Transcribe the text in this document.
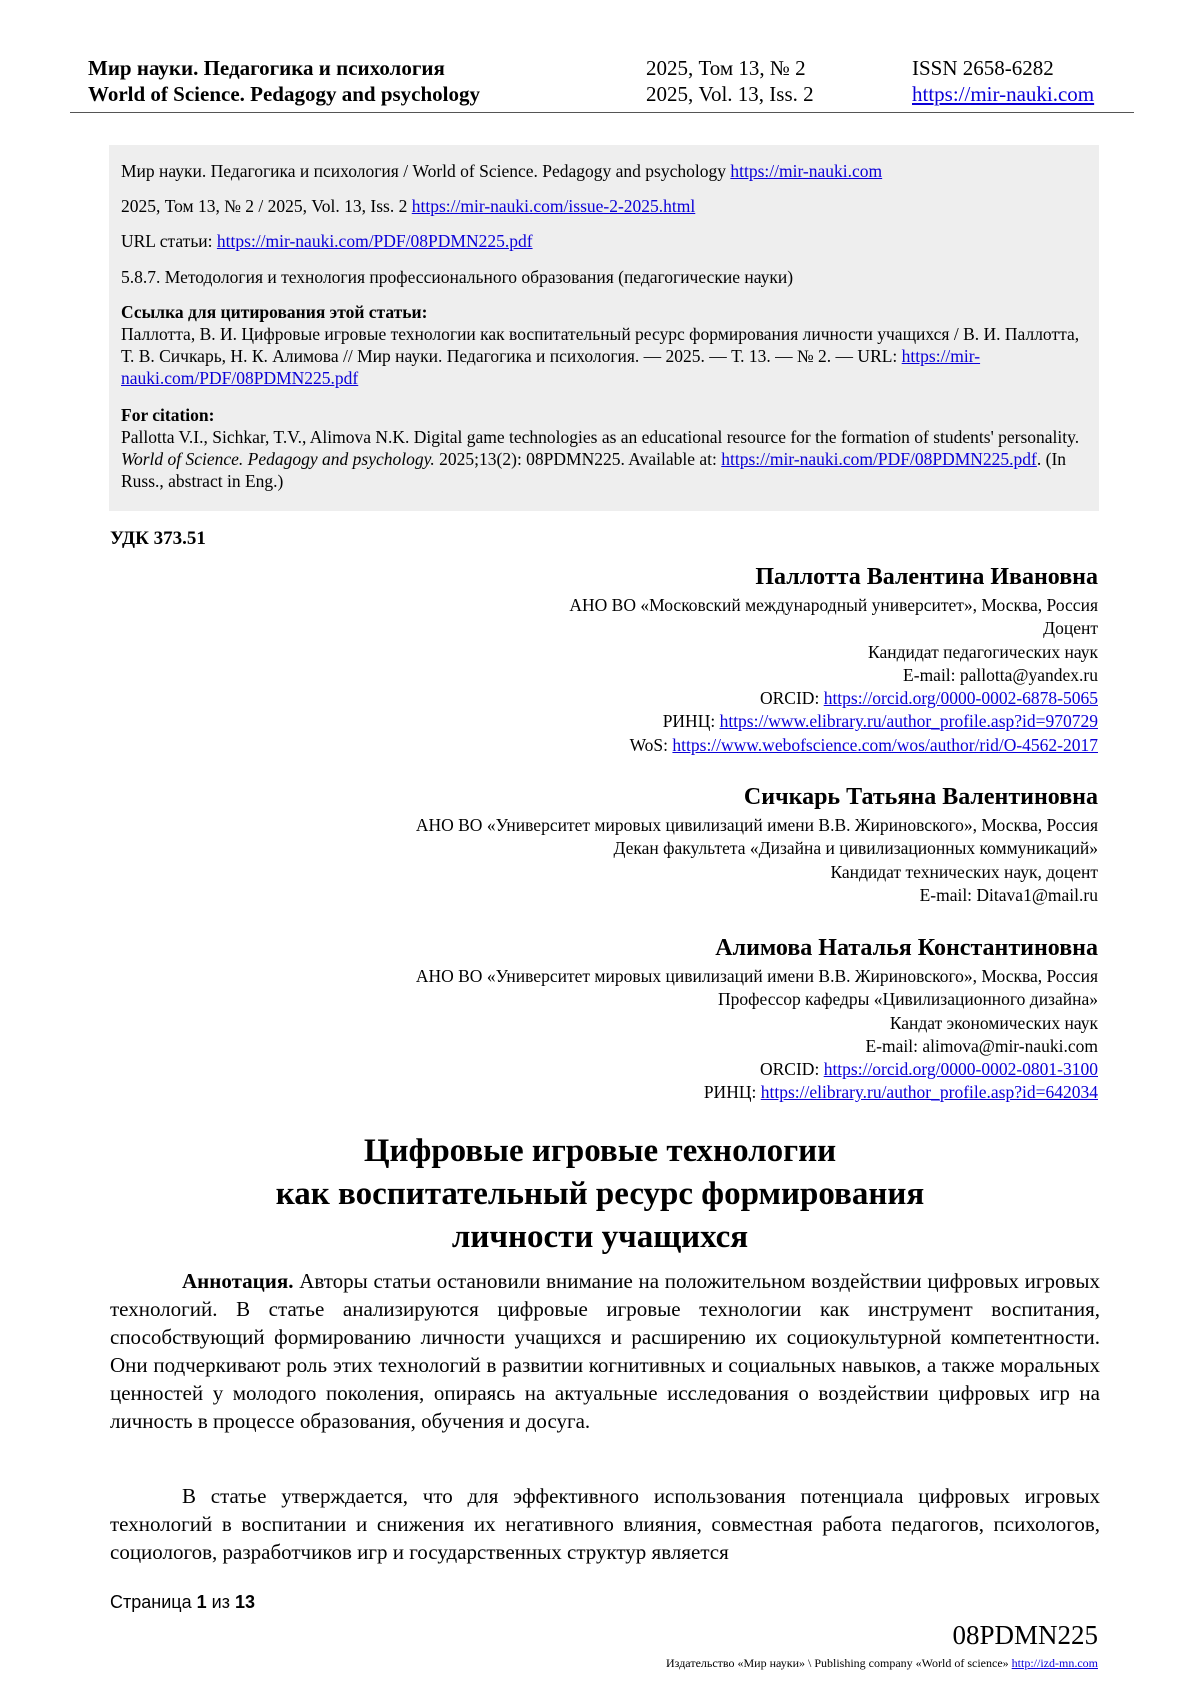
Мир науки. Педагогика и психология
World of Science. Pedagogy and psychology
2025, Том 13, № 2
2025, Vol. 13, Iss. 2
ISSN 2658-6282
https://mir-nauki.com
Мир науки. Педагогика и психология / World of Science. Pedagogy and psychology https://mir-nauki.com
2025, Том 13, № 2 / 2025, Vol. 13, Iss. 2 https://mir-nauki.com/issue-2-2025.html
URL статьи: https://mir-nauki.com/PDF/08PDMN225.pdf
5.8.7. Методология и технология профессионального образования (педагогические науки)
Ссылка для цитирования этой статьи:
Паллотта, В. И. Цифровые игровые технологии как воспитательный ресурс формирования личности учащихся / В. И. Паллотта, Т. В. Сичкарь, Н. К. Алимова // Мир науки. Педагогика и психология. — 2025. — Т. 13. — № 2. — URL: https://mir-nauki.com/PDF/08PDMN225.pdf
For citation:
Pallotta V.I., Sichkar, T.V., Alimova N.K. Digital game technologies as an educational resource for the formation of students' personality. World of Science. Pedagogy and psychology. 2025;13(2): 08PDMN225. Available at: https://mir-nauki.com/PDF/08PDMN225.pdf. (In Russ., abstract in Eng.)
УДК 373.51
Паллотта Валентина Ивановна
АНО ВО «Московский международный университет», Москва, Россия
Доцент
Кандидат педагогических наук
E-mail: pallotta@yandex.ru
ORCID: https://orcid.org/0000-0002-6878-5065
РИНЦ: https://www.elibrary.ru/author_profile.asp?id=970729
WoS: https://www.webofscience.com/wos/author/rid/O-4562-2017
Сичкарь Татьяна Валентиновна
АНО ВО «Университет мировых цивилизаций имени В.В. Жириновского», Москва, Россия
Декан факультета «Дизайна и цивилизационных коммуникаций»
Кандидат технических наук, доцент
E-mail: Ditava1@mail.ru
Алимова Наталья Константиновна
АНО ВО «Университет мировых цивилизаций имени В.В. Жириновского», Москва, Россия
Профессор кафедры «Цивилизационного дизайна»
Кандат экономических наук
E-mail: alimova@mir-nauki.com
ORCID: https://orcid.org/0000-0002-0801-3100
РИНЦ: https://elibrary.ru/author_profile.asp?id=642034
Цифровые игровые технологии
как воспитательный ресурс формирования
личности учащихся
Аннотация. Авторы статьи остановили внимание на положительном воздействии цифровых игровых технологий. В статье анализируются цифровые игровые технологии как инструмент воспитания, способствующий формированию личности учащихся и расширению их социокультурной компетентности. Они подчеркивают роль этих технологий в развитии когнитивных и социальных навыков, а также моральных ценностей у молодого поколения, опираясь на актуальные исследования о воздействии цифровых игр на личность в процессе образования, обучения и досуга.
В статье утверждается, что для эффективного использования потенциала цифровых игровых технологий в воспитании и снижения их негативного влияния, совместная работа педагогов, психологов, социологов, разработчиков игр и государственных структур является
Страница 1 из 13
08PDMN225
Издательство «Мир науки» \ Publishing company «World of science» http://izd-mn.com
